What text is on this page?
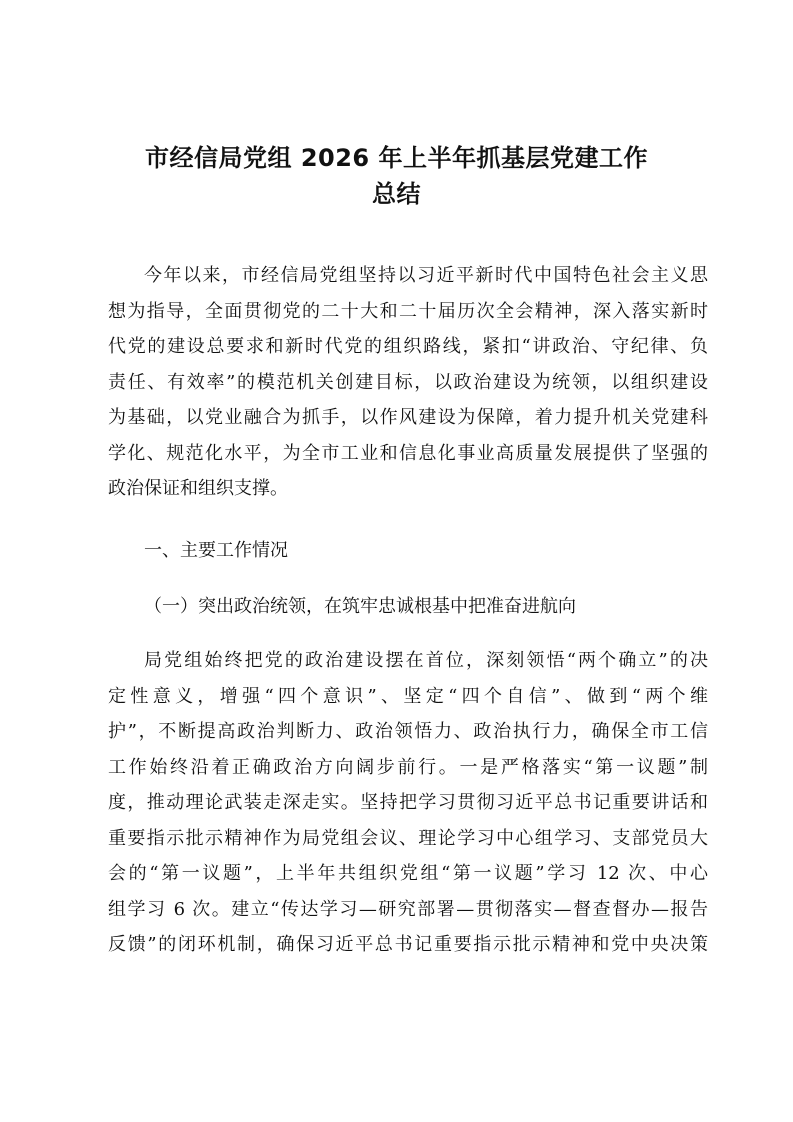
市经信局党组 2026 年上半年抓基层党建工作
总结
今年以来，市经信局党组坚持以习近平新时代中国特色社会主义思
想为指导，全面贯彻党的二十大和二十届历次全会精神，深入落实新时
代党的建设总要求和新时代党的组织路线，紧扣“讲政治、守纪律、负
责任、有效率”的模范机关创建目标，以政治建设为统领，以组织建设
为基础，以党业融合为抓手，以作风建设为保障，着力提升机关党建科
学化、规范化水平，为全市工业和信息化事业高质量发展提供了坚强的
政治保证和组织支撑。
一、主要工作情况
（一）突出政治统领，在筑牢忠诚根基中把准奋进航向
局党组始终把党的政治建设摆在首位，深刻领悟“两个确立”的决
定性意义，增强“四个意识”、坚定“四个自信”、做到“两个维
护”，不断提高政治判断力、政治领悟力、政治执行力，确保全市工信
工作始终沿着正确政治方向阔步前行。一是严格落实“第一议题”制
度，推动理论武装走深走实。坚持把学习贯彻习近平总书记重要讲话和
重要指示批示精神作为局党组会议、理论学习中心组学习、支部党员大
会的“第一议题”，上半年共组织党组“第一议题”学习 12 次、中心
组学习 6 次。建立“传达学习—研究部署—贯彻落实—督查督办—报告
反馈”的闭环机制，确保习近平总书记重要指示批示精神和党中央决策
